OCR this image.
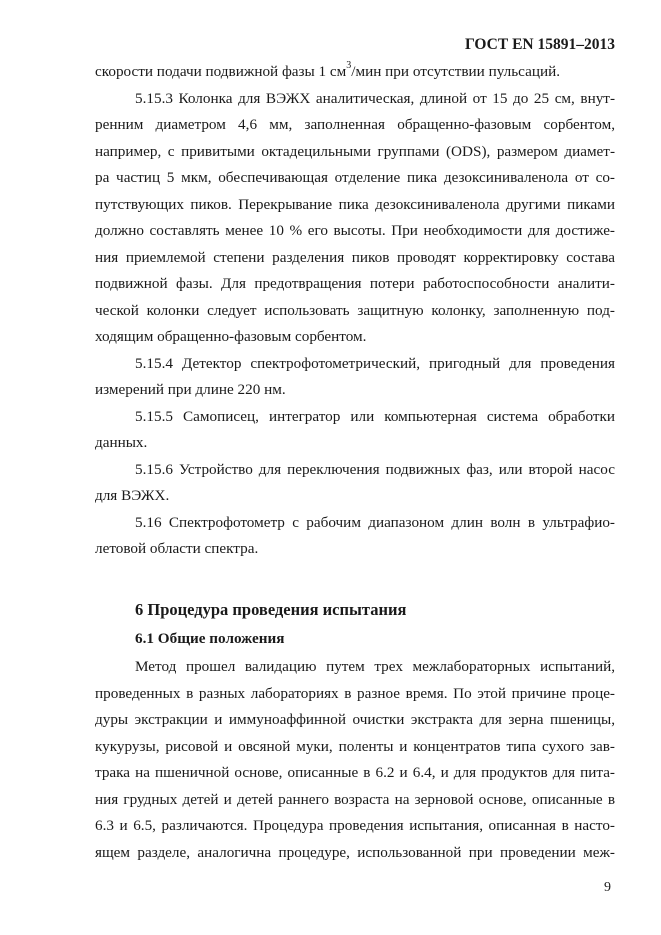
ГОСТ EN 15891–2013
скорости подачи подвижной фазы 1 $см^3$/мин при отсутствии пульсаций.
5.15.3 Колонка для ВЭЖХ аналитическая, длиной от 15 до 25 см, внут-
ренним диаметром 4,6 мм, заполненная обращенно-фазовым сорбентом,
например, с привитыми октадецильными группами (ODS), размером диамет-
ра частиц 5 мкм, обеспечивающая отделение пика дезоксиниваленола от со-
путствующих пиков. Перекрывание пика дезоксиниваленола другими пиками
должно составлять менее 10 % его высоты. При необходимости для достиже-
ния приемлемой степени разделения пиков проводят корректировку состава
подвижной фазы. Для предотвращения потери работоспособности аналити-
ческой колонки следует использовать защитную колонку, заполненную под-
ходящим обращенно-фазовым сорбентом.
5.15.4 Детектор спектрофотометрический, пригодный для проведения
измерений при длине 220 нм.
5.15.5 Самописец, интегратор или компьютерная система обработки
данных.
5.15.6 Устройство для переключения подвижных фаз, или второй насос
для ВЭЖХ.
5.16 Спектрофотометр с рабочим диапазоном длин волн в ультрафио-
летовой области спектра.
6 Процедура проведения испытания
6.1 Общие положения
Метод прошел валидацию путем трех межлабораторных испытаний,
проведенных в разных лабораториях в разное время. По этой причине проце-
дуры экстракции и иммуноаффинной очистки экстракта для зерна пшеницы,
кукурузы, рисовой и овсяной муки, поленты и концентратов типа сухого зав-
трака на пшеничной основе, описанные в 6.2 и 6.4, и для продуктов для пита-
ния грудных детей и детей раннего возраста на зерновой основе, описанные в
6.3 и 6.5, различаются. Процедура проведения испытания, описанная в насто-
ящем разделе, аналогична процедуре, использованной при проведении меж-
9
